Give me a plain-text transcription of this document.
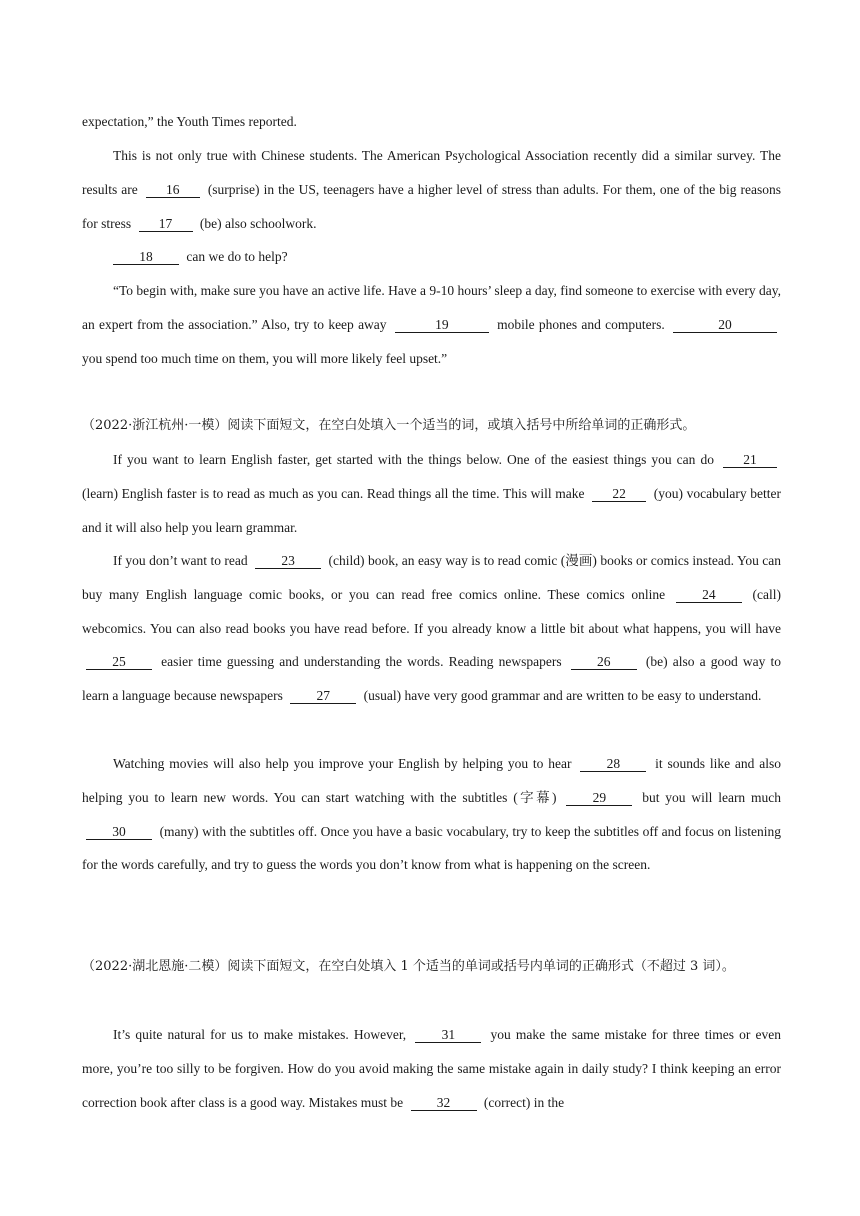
expectation,” the Youth Times reported.

This is not only true with Chinese students. The American Psychological Association recently did a similar survey. The results are 16 (surprise) in the US, teenagers have a higher level of stress than adults. For them, one of the big reasons for stress 17 (be) also schoolwork.

18 can we do to help?

“To begin with, make sure you have an active life. Have a 9-10 hours’ sleep a day, find someone to exercise with every day, an expert from the association.” Also, try to keep away	19	mobile phones and computers.	20 you spend too much time on them, you will more likely feel upset.”

（2022·浙江杭州·一模）阅读下面短文，在空白处填入一个适当的词，或填入括号中所给单词的正确形式。

If you want to learn English faster, get started with the things below. One of the easiest things you can do 21 (learn) English faster is to read as much as you can. Read things all the time. This will make 22 (you) vocabulary better and it will also help you learn grammar.

If you don’t want to read 23 (child) book, an easy way is to read comic (漫画) books or comics instead. You can buy many English language comic books, or you can read free comics online. These comics online	24	(call) webcomics. You can also read books you have read before. If you already know a little bit about what happens, you will have 25	easier time guessing and understanding the words. Reading newspapers	26	(be) also a good way to learn a language because newspapers 27 (usual) have very good grammar and are written to be easy to understand.

Watching movies will also help you improve your English by helping you to hear	28	it sounds like and also helping you to learn new words. You can start watching with the subtitles (字幕)	29	but you will learn much 30	(many) with the subtitles off. Once you have a basic vocabulary, try to keep the subtitles off and focus on listening for the words carefully, and try to guess the words you don’t know from what is happening on the screen.

（2022·湖北恩施·二模）阅读下面短文，在空白处填入 1 个适当的单词或括号内单词的正确形式（不超过 3 词）。

It’s quite natural for us to make mistakes. However,	31	you make the same mistake for three times or even more, you’re too silly to be forgiven. How do you avoid making the same mistake again in daily study? I think keeping an error correction book after class is a good way. Mistakes must be 32 (correct) in the
